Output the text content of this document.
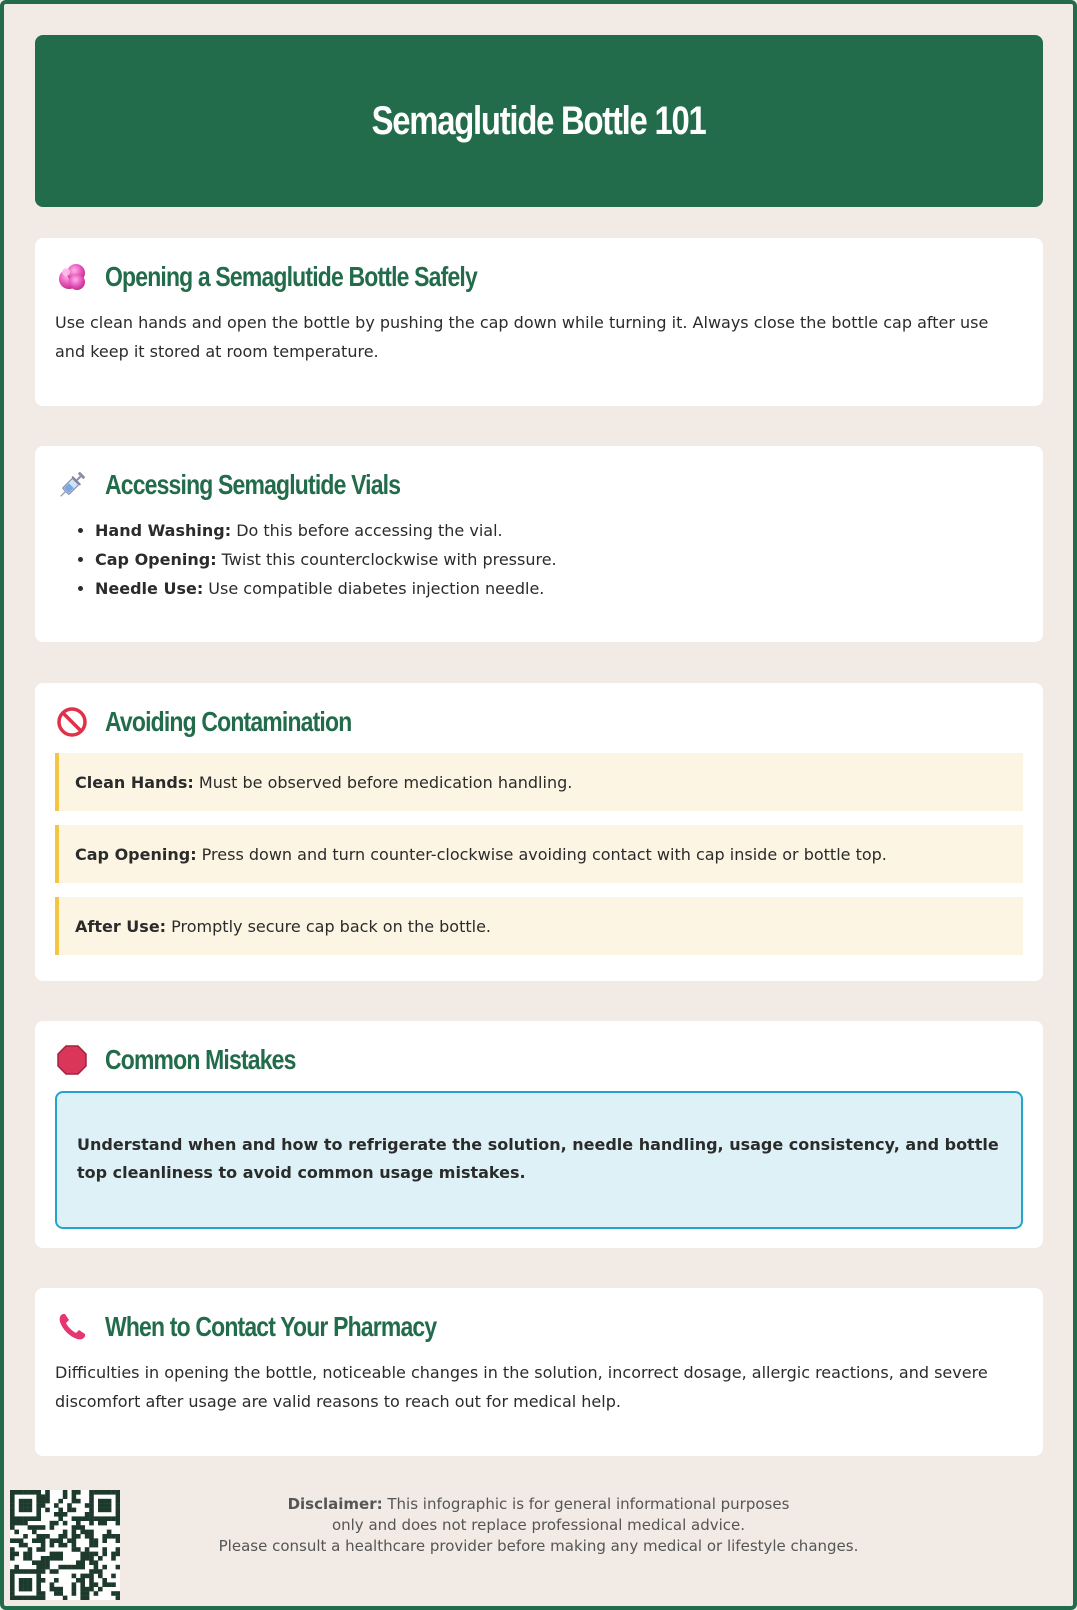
Semaglutide Bottle 101
Opening a Semaglutide Bottle Safely

Use clean hands and open the bottle by pushing the cap down while turning it. Always close the bottle cap after use and keep it stored at room temperature.

Accessing Semaglutide Vials
• Hand Washing: Do this before accessing the vial.
• Cap Opening: Twist this counterclockwise with pressure.
• Needle Use: Use compatible diabetes injection needle.
Avoiding Contamination
Clean Hands: Must be observed before medication handling.
Cap Opening: Press down and turn counter-clockwise avoiding contact with cap inside or bottle top.
After Use: Promptly secure cap back on the bottle.
Common Mistakes
Understand when and how to refrigerate the solution, needle handling, usage consistency, and bottle top cleanliness to avoid common usage mistakes.
When to Contact Your Pharmacy

Difficulties in opening the bottle, noticeable changes in the solution, incorrect dosage, allergic reactions, and severe discomfort after usage are valid reasons to reach out for medical help.

Disclaimer: This infographic is for general informational purposes
only and does not replace professional medical advice.
Please consult a healthcare provider before making any medical or lifestyle changes.
